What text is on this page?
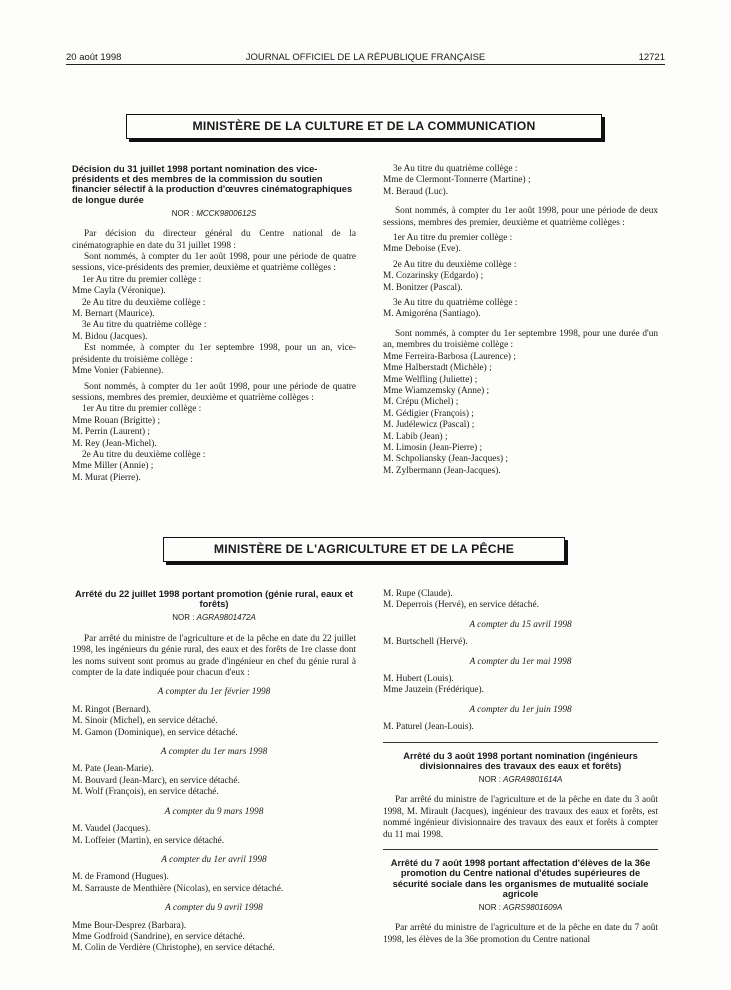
20 août 1998	JOURNAL OFFICIEL DE LA RÉPUBLIQUE FRANÇAISE	12721
MINISTÈRE DE LA CULTURE ET DE LA COMMUNICATION

Décision du 31 juillet 1998 portant nomination des vice-présidents et des membres de la commission du soutien financier sélectif à la production d'œuvres cinématographiques de longue durée

NOR : MCCK9800612S

Par décision du directeur général du Centre national de la cinématographie en date du 31 juillet 1998 :

Sont nommés, à compter du 1er août 1998, pour une période de quatre sessions, vice-présidents des premier, deuxième et quatrième collèges :

1er Au titre du premier collège :

Mme Cayla (Véronique).

2e Au titre du deuxième collège :

M. Bernart (Maurice).

3e Au titre du quatrième collège :

M. Bidou (Jacques).

Est nommée, à compter du 1er septembre 1998, pour un an, vice-présidente du troisième collège :

Mme Vonier (Fabienne).

Sont nommés, à compter du 1er août 1998, pour une période de quatre sessions, membres des premier, deuxième et quatrième collèges :

1er Au titre du premier collège :

Mme Rouan (Brigitte) ;

M. Perrin (Laurent) ;

M. Rey (Jean-Michel).

2e Au titre du deuxième collège :

Mme Miller (Annie) ;

M. Murat (Pierre).

3e Au titre du quatrième collège :

Mme de Clermont-Tonnerre (Martine) ;

M. Beraud (Luc).

Sont nommés, à compter du 1er août 1998, pour une période de deux sessions, membres des premier, deuxième et quatrième collèges :

1er Au titre du premier collège :

Mme Deboise (Eve).

2e Au titre du deuxième collège :

M. Cozarinsky (Edgardo) ;

M. Bonitzer (Pascal).

3e Au titre du quatrième collège :

M. Amigoréna (Santiago).

Sont nommés, à compter du 1er septembre 1998, pour une durée d'un an, membres du troisième collège :

Mme Ferreira-Barbosa (Laurence) ;

Mme Halberstadt (Michèle) ;

Mme Welfling (Juliette) ;

Mme Wiamzemsky (Anne) ;

M. Crépu (Michel) ;

M. Gédigier (François) ;

M. Judélewicz (Pascal) ;

M. Labib (Jean) ;

M. Limosin (Jean-Pierre) ;

M. Schpoliansky (Jean-Jacques) ;

M. Zylbermann (Jean-Jacques).

MINISTÈRE DE L'AGRICULTURE ET DE LA PÊCHE

Arrêté du 22 juillet 1998 portant promotion (génie rural, eaux et forêts)

NOR : AGRA9801472A

Par arrêté du ministre de l'agriculture et de la pêche en date du 22 juillet 1998, les ingénieurs du génie rural, des eaux et des forêts de 1re classe dont les noms suivent sont promus au grade d'ingénieur en chef du génie rural à compter de la date indiquée pour chacun d'eux :

A compter du 1er février 1998

M. Ringot (Bernard).

M. Sinoir (Michel), en service détaché.

M. Gamon (Dominique), en service détaché.

A compter du 1er mars 1998

M. Pate (Jean-Marie).

M. Bouvard (Jean-Marc), en service détaché.

M. Wolf (François), en service détaché.

A compter du 9 mars 1998

M. Vaudel (Jacques).

M. Loffeier (Martin), en service détaché.

A compter du 1er avril 1998

M. de Framond (Hugues).

M. Sarrauste de Menthière (Nicolas), en service détaché.

A compter du 9 avril 1998

Mme Bour-Desprez (Barbara).

Mme Godfroid (Sandrine), en service détaché.

M. Colin de Verdière (Christophe), en service détaché.

M. Rupe (Claude).

M. Deperrois (Hervé), en service détaché.

A compter du 15 avril 1998

M. Burtschell (Hervé).

A compter du 1er mai 1998

M. Hubert (Louis).

Mme Jauzein (Frédérique).

A compter du 1er juin 1998

M. Paturel (Jean-Louis).

Arrêté du 3 août 1998 portant nomination (ingénieurs divisionnaires des travaux des eaux et forêts)

NOR : AGRA9801614A

Par arrêté du ministre de l'agriculture et de la pêche en date du 3 août 1998, M. Mirault (Jacques), ingénieur des travaux des eaux et forêts, est nommé ingénieur divisionnaire des travaux des eaux et forêts à compter du 11 mai 1998.

Arrêté du 7 août 1998 portant affectation d'élèves de la 36e promotion du Centre national d'études supérieures de sécurité sociale dans les organismes de mutualité sociale agricole

NOR : AGRS9801609A

Par arrêté du ministre de l'agriculture et de la pêche en date du 7 août 1998, les élèves de la 36e promotion du Centre national
